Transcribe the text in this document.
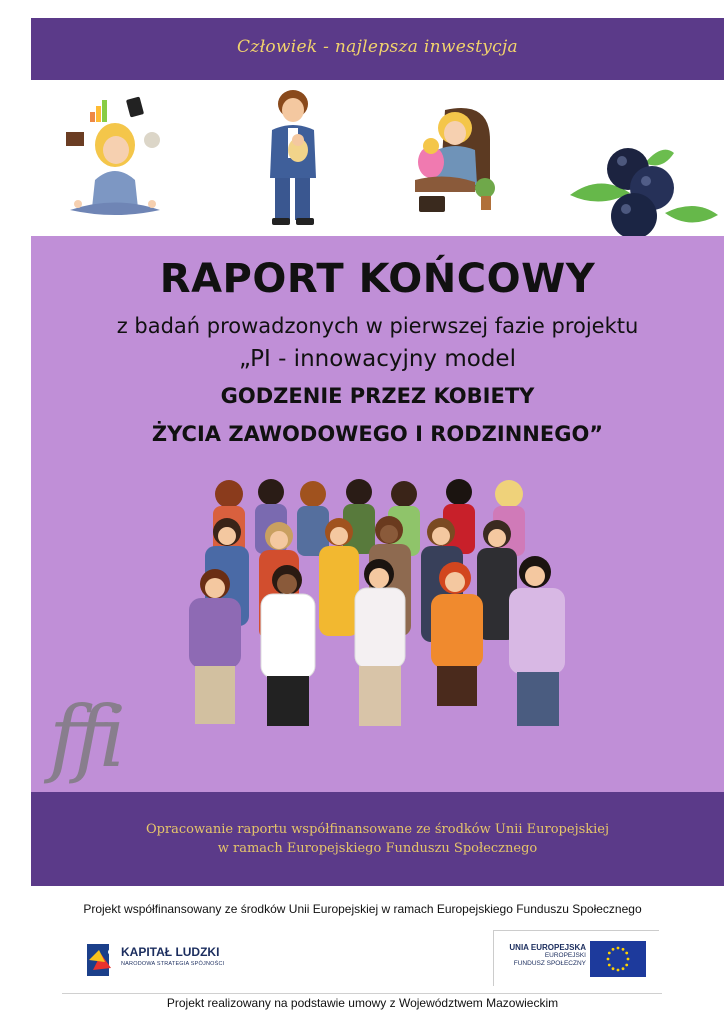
Człowiek - najlepsza inwestycja
RAPORT KOŃCOWY
z badań prowadzonych w pierwszej fazie projektu
„PI - innowacyjny model
GODZENIE PRZEZ KOBIETY
ŻYCIA ZAWODOWEGO I RODZINNEGO”
ffi
Opracowanie raportu współfinansowane ze środków Unii Europejskiej
w ramach Europejskiego Funduszu Społecznego
Projekt współfinansowany ze środków Unii Europejskiej w ramach Europejskiego Funduszu Społecznego
KAPITAŁ LUDZKI
NARODOWA STRATEGIA SPÓJNOŚCI
UNIA EUROPEJSKA
EUROPEJSKI
FUNDUSZ SPOŁECZNY
Projekt realizowany na podstawie umowy z Województwem Mazowieckim
